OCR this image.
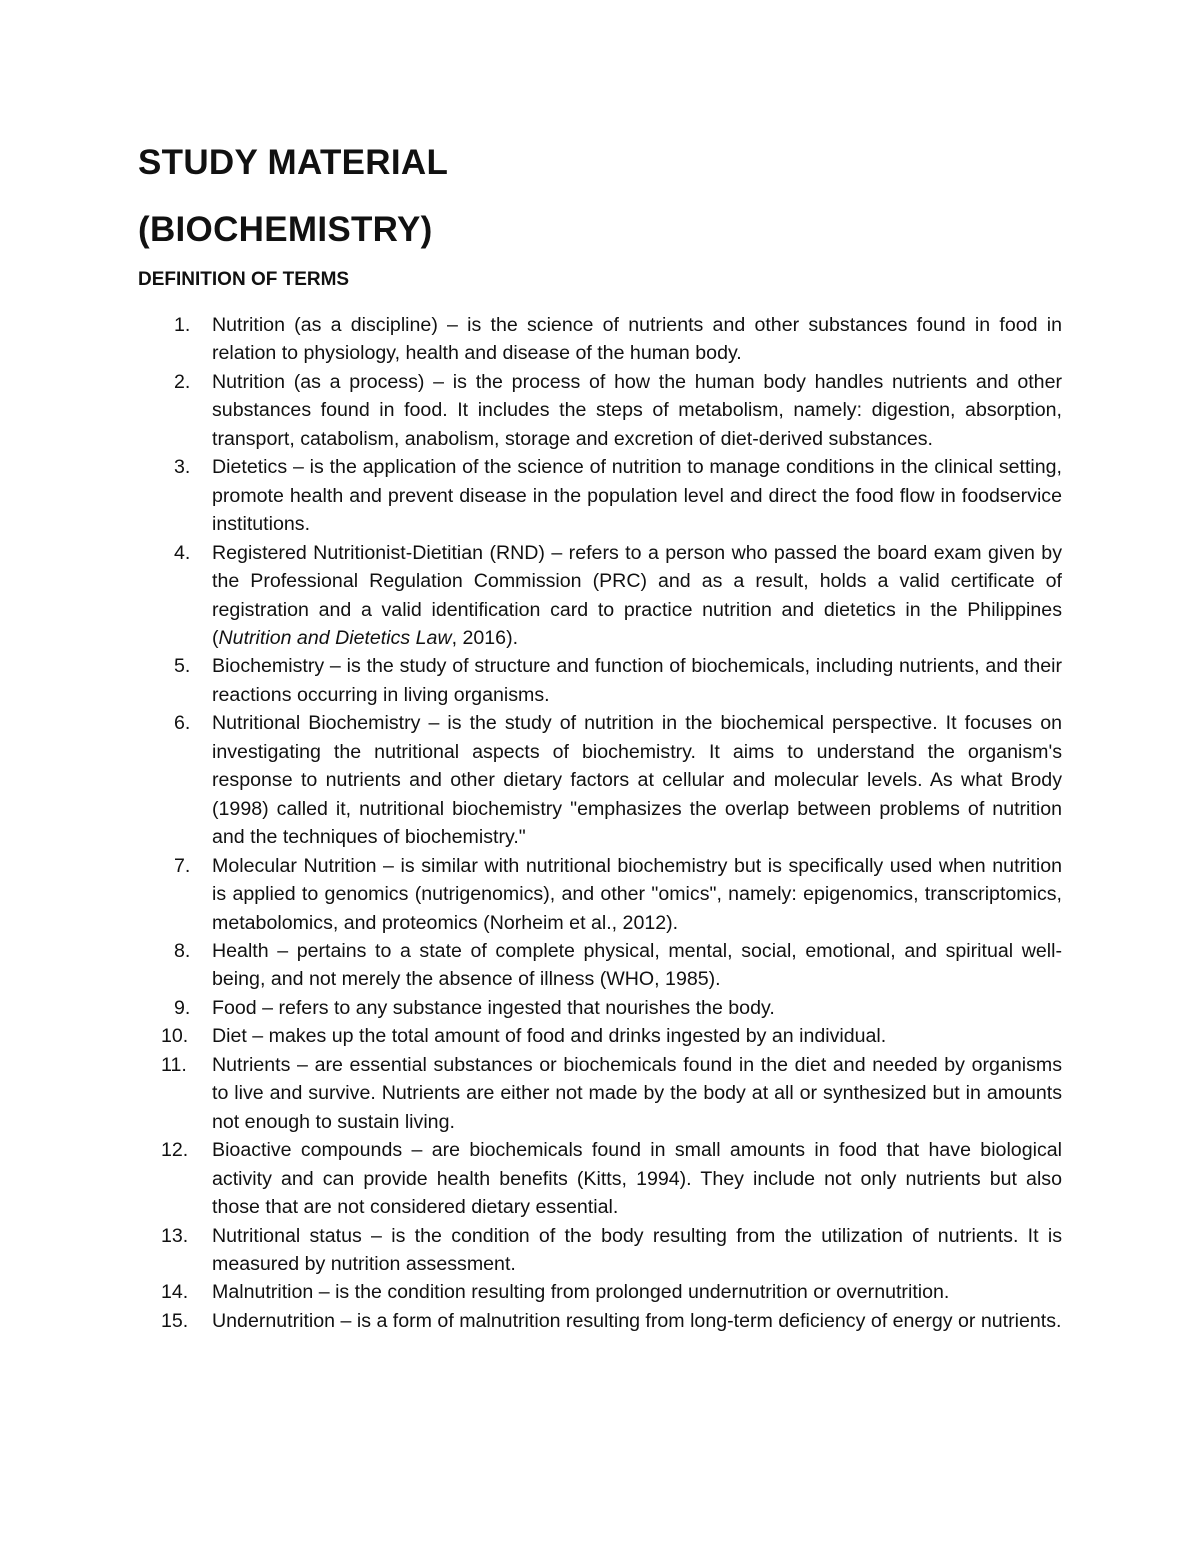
STUDY MATERIAL
(BIOCHEMISTRY)
DEFINITION OF TERMS
1. Nutrition (as a discipline) – is the science of nutrients and other substances found in food in relation to physiology, health and disease of the human body.
2. Nutrition (as a process) – is the process of how the human body handles nutrients and other substances found in food. It includes the steps of metabolism, namely: digestion, absorption, transport, catabolism, anabolism, storage and excretion of diet-derived substances.
3. Dietetics – is the application of the science of nutrition to manage conditions in the clinical setting, promote health and prevent disease in the population level and direct the food flow in foodservice institutions.
4. Registered Nutritionist-Dietitian (RND) – refers to a person who passed the board exam given by the Professional Regulation Commission (PRC) and as a result, holds a valid certificate of registration and a valid identification card to practice nutrition and dietetics in the Philippines (Nutrition and Dietetics Law, 2016).
5. Biochemistry – is the study of structure and function of biochemicals, including nutrients, and their reactions occurring in living organisms.
6. Nutritional Biochemistry – is the study of nutrition in the biochemical perspective. It focuses on investigating the nutritional aspects of biochemistry. It aims to understand the organism's response to nutrients and other dietary factors at cellular and molecular levels. As what Brody (1998) called it, nutritional biochemistry "emphasizes the overlap between problems of nutrition and the techniques of biochemistry."
7. Molecular Nutrition – is similar with nutritional biochemistry but is specifically used when nutrition is applied to genomics (nutrigenomics), and other "omics", namely: epigenomics, transcriptomics, metabolomics, and proteomics (Norheim et al., 2012).
8. Health – pertains to a state of complete physical, mental, social, emotional, and spiritual well-being, and not merely the absence of illness (WHO, 1985).
9. Food – refers to any substance ingested that nourishes the body.
10. Diet – makes up the total amount of food and drinks ingested by an individual.
11. Nutrients – are essential substances or biochemicals found in the diet and needed by organisms to live and survive. Nutrients are either not made by the body at all or synthesized but in amounts not enough to sustain living.
12. Bioactive compounds – are biochemicals found in small amounts in food that have biological activity and can provide health benefits (Kitts, 1994). They include not only nutrients but also those that are not considered dietary essential.
13. Nutritional status – is the condition of the body resulting from the utilization of nutrients. It is measured by nutrition assessment.
14. Malnutrition – is the condition resulting from prolonged undernutrition or overnutrition.
15. Undernutrition – is a form of malnutrition resulting from long-term deficiency of energy or nutrients.
